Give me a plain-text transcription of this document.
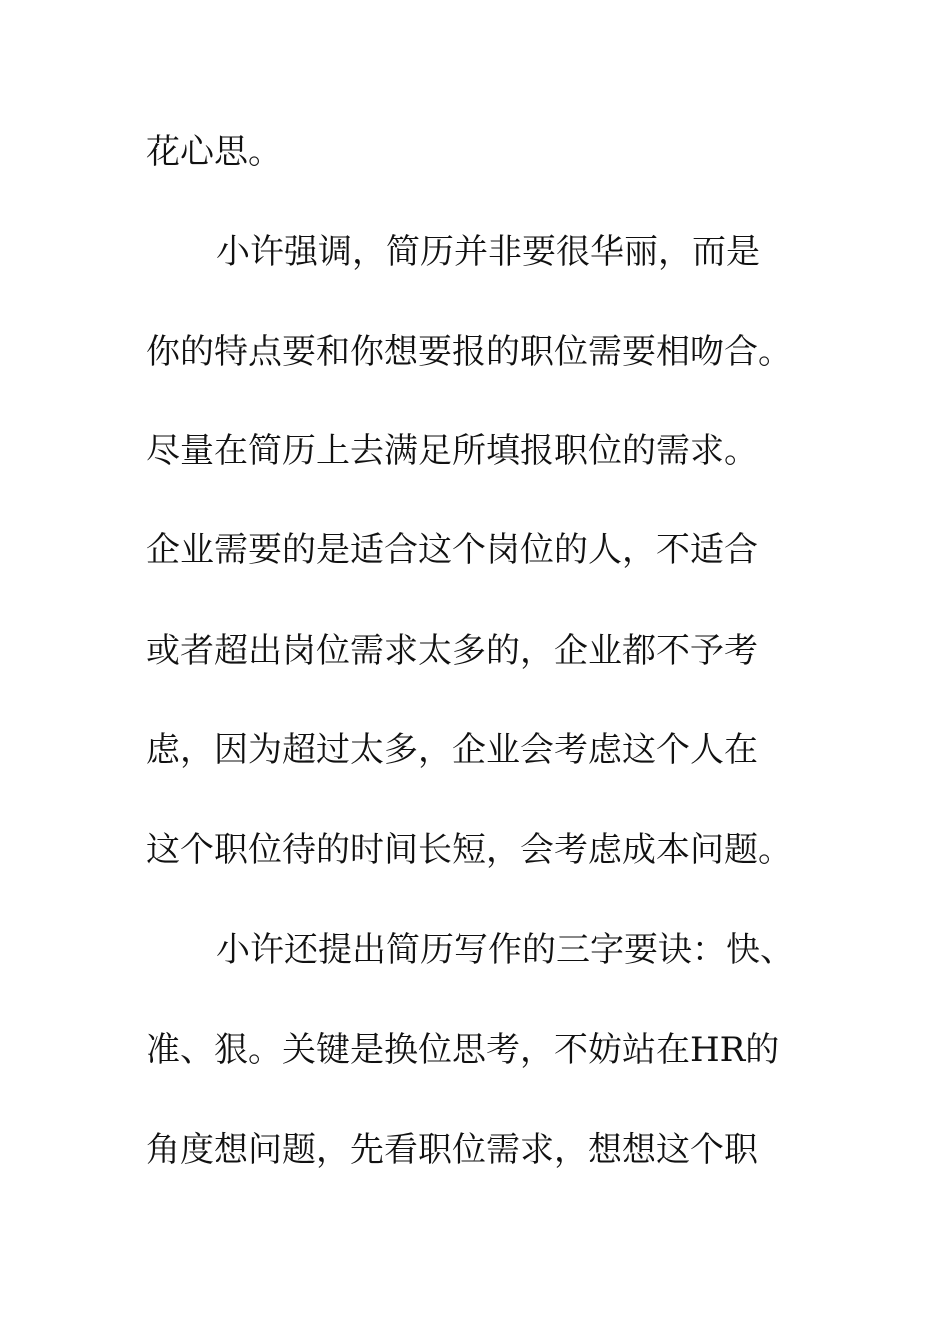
花心思。

小许强调，简历并非要很华丽，而是

你的特点要和你想要报的职位需要相吻合。

尽量在简历上去满足所填报职位的需求。

企业需要的是适合这个岗位的人，不适合

或者超出岗位需求太多的，企业都不予考

虑，因为超过太多，企业会考虑这个人在

这个职位待的时间长短，会考虑成本问题。

小许还提出简历写作的三字要诀：快、

准、狠。关键是换位思考，不妨站在HR的

角度想问题，先看职位需求，想想这个职
